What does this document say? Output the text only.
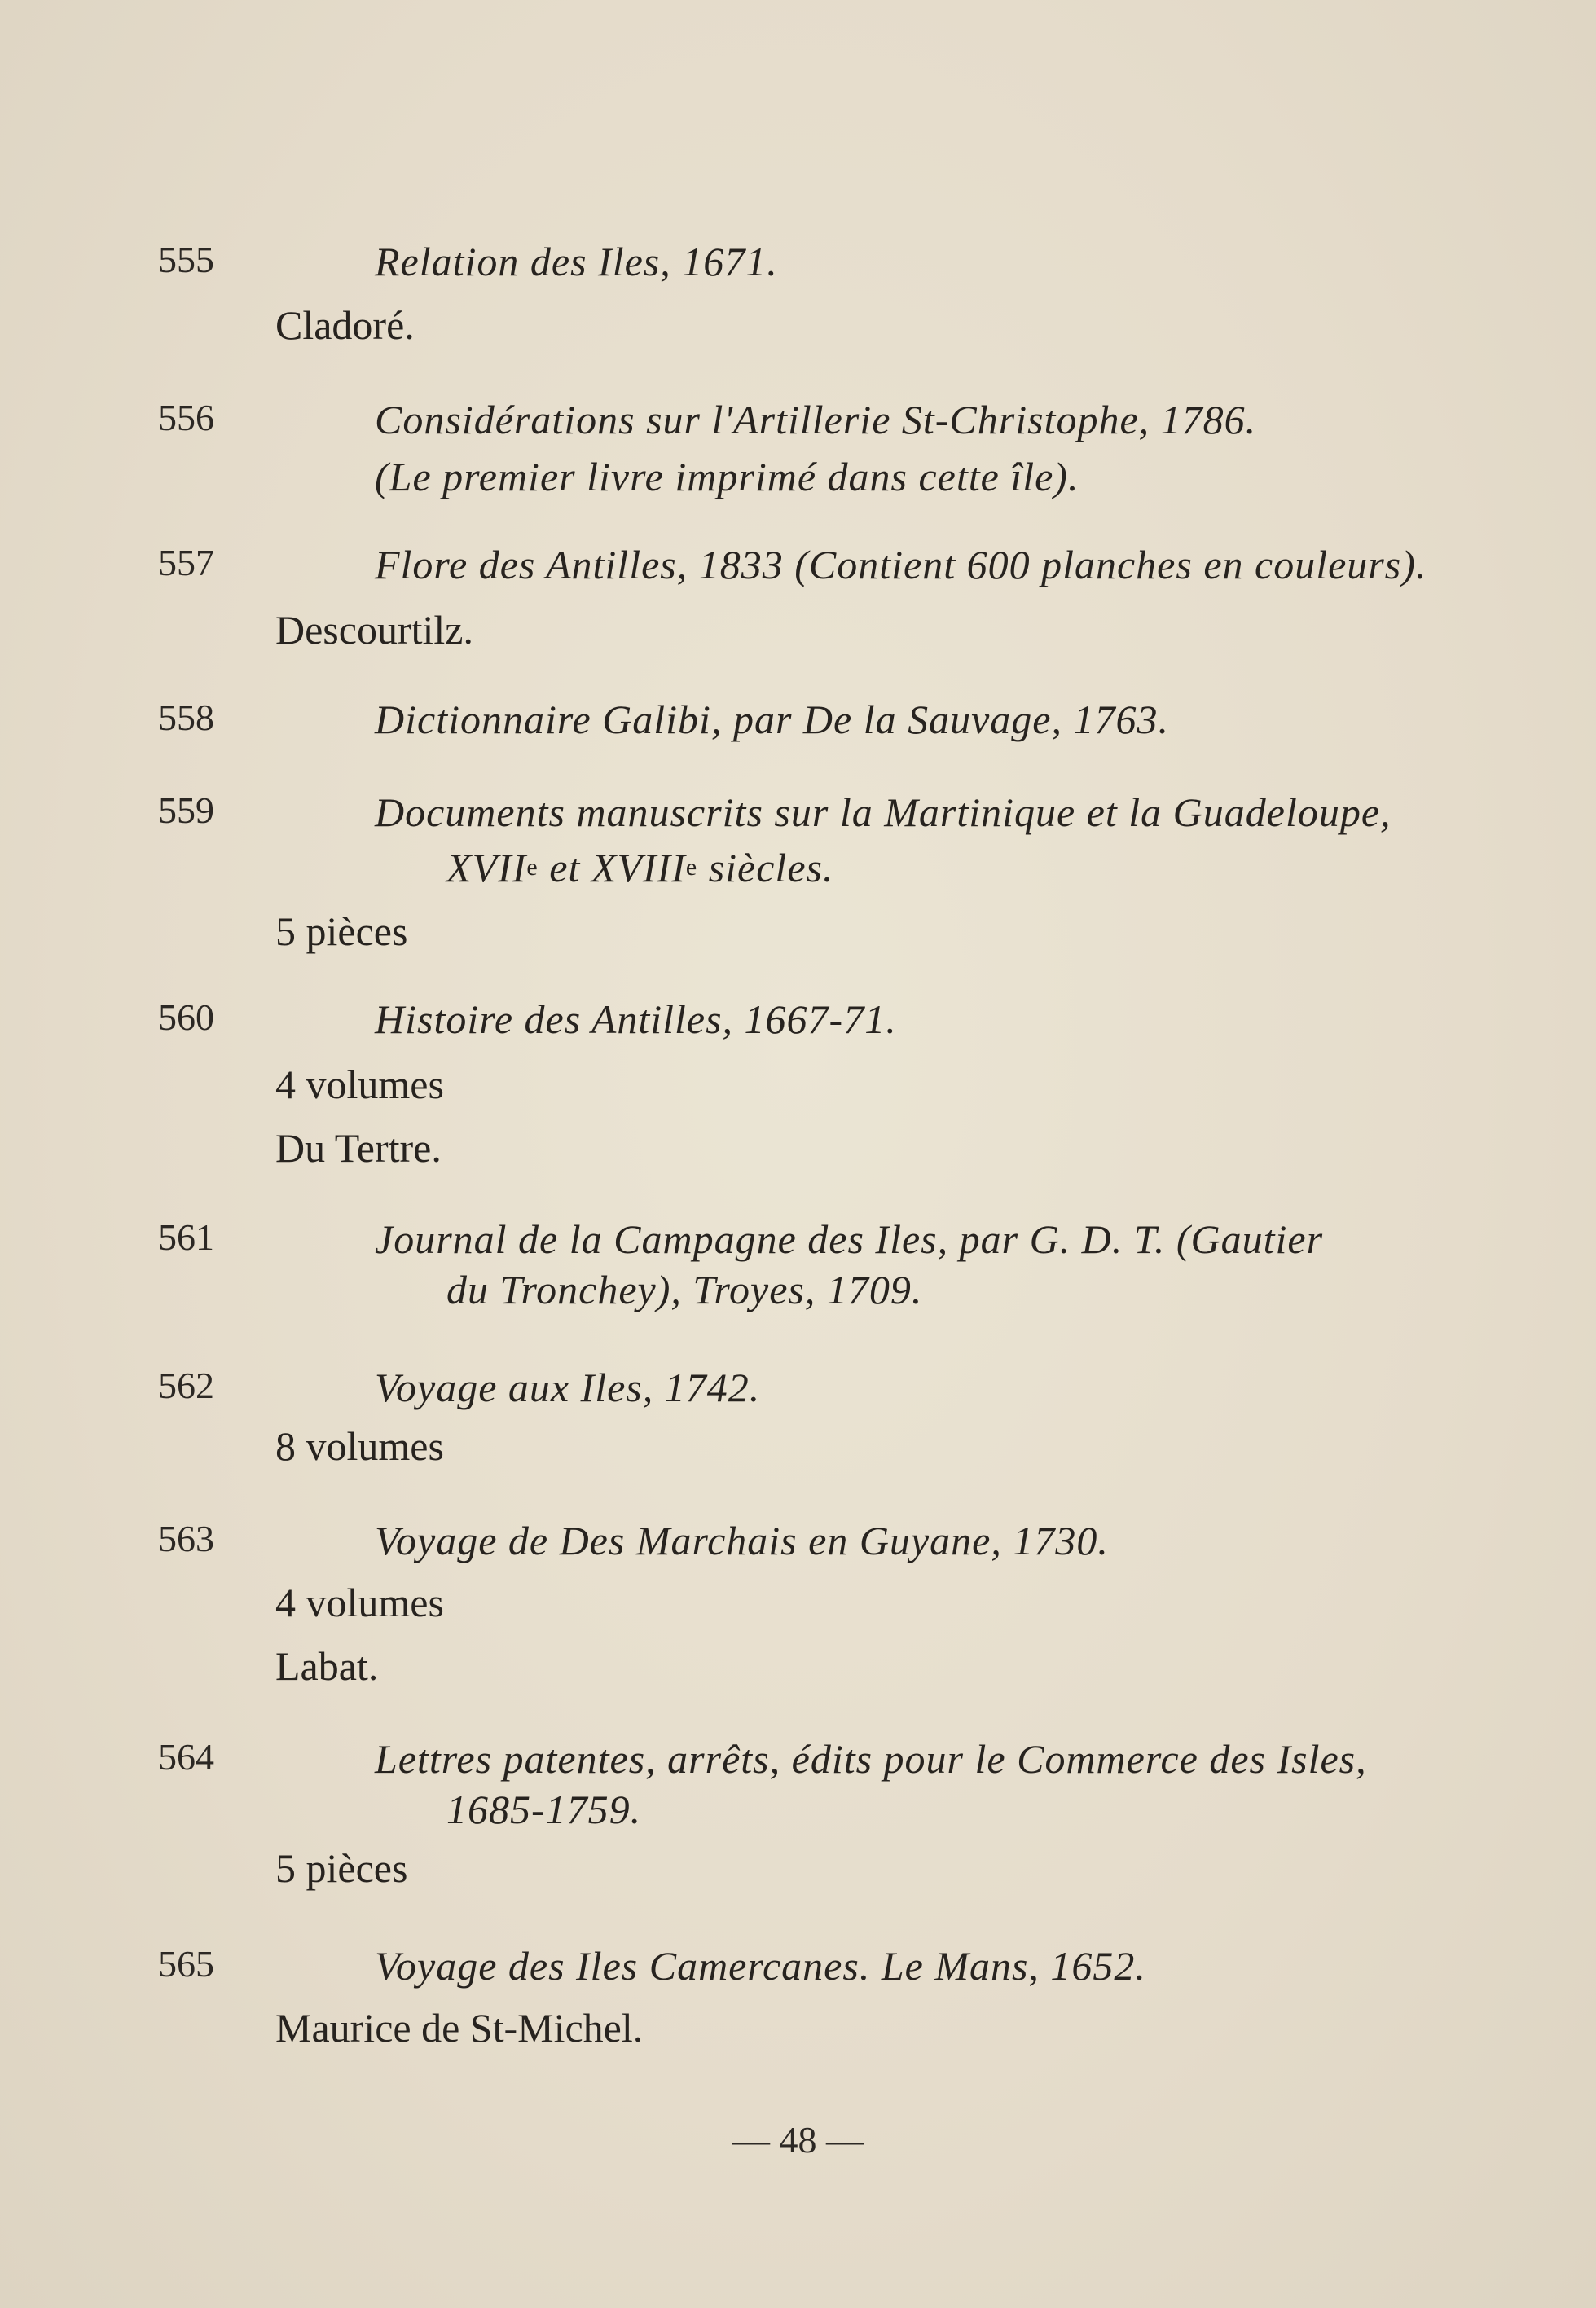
555	Relation des Iles, 1671.
Cladoré.
556	Considérations sur l'Artillerie St-Christophe, 1786.
(Le premier livre imprimé dans cette île).
557	Flore des Antilles, 1833 (Contient 600 planches en couleurs).
Descourtilz.
558	Dictionnaire Galibi, par De la Sauvage, 1763.
559	Documents manuscrits sur la Martinique et la Guadeloupe,
XVIIe et XVIIIe siècles.
5 pièces
560	Histoire des Antilles, 1667-71.
4 volumes
Du Tertre.
561	Journal de la Campagne des Iles, par G. D. T. (Gautier
du Tronchey), Troyes, 1709.
562	Voyage aux Iles, 1742.
8 volumes
563	Voyage de Des Marchais en Guyane, 1730.
4 volumes
Labat.
564	Lettres patentes, arrêts, édits pour le Commerce des Isles,
1685-1759.
5 pièces
565	Voyage des Iles Camercanes. Le Mans, 1652.
Maurice de St-Michel.
— 48 —
